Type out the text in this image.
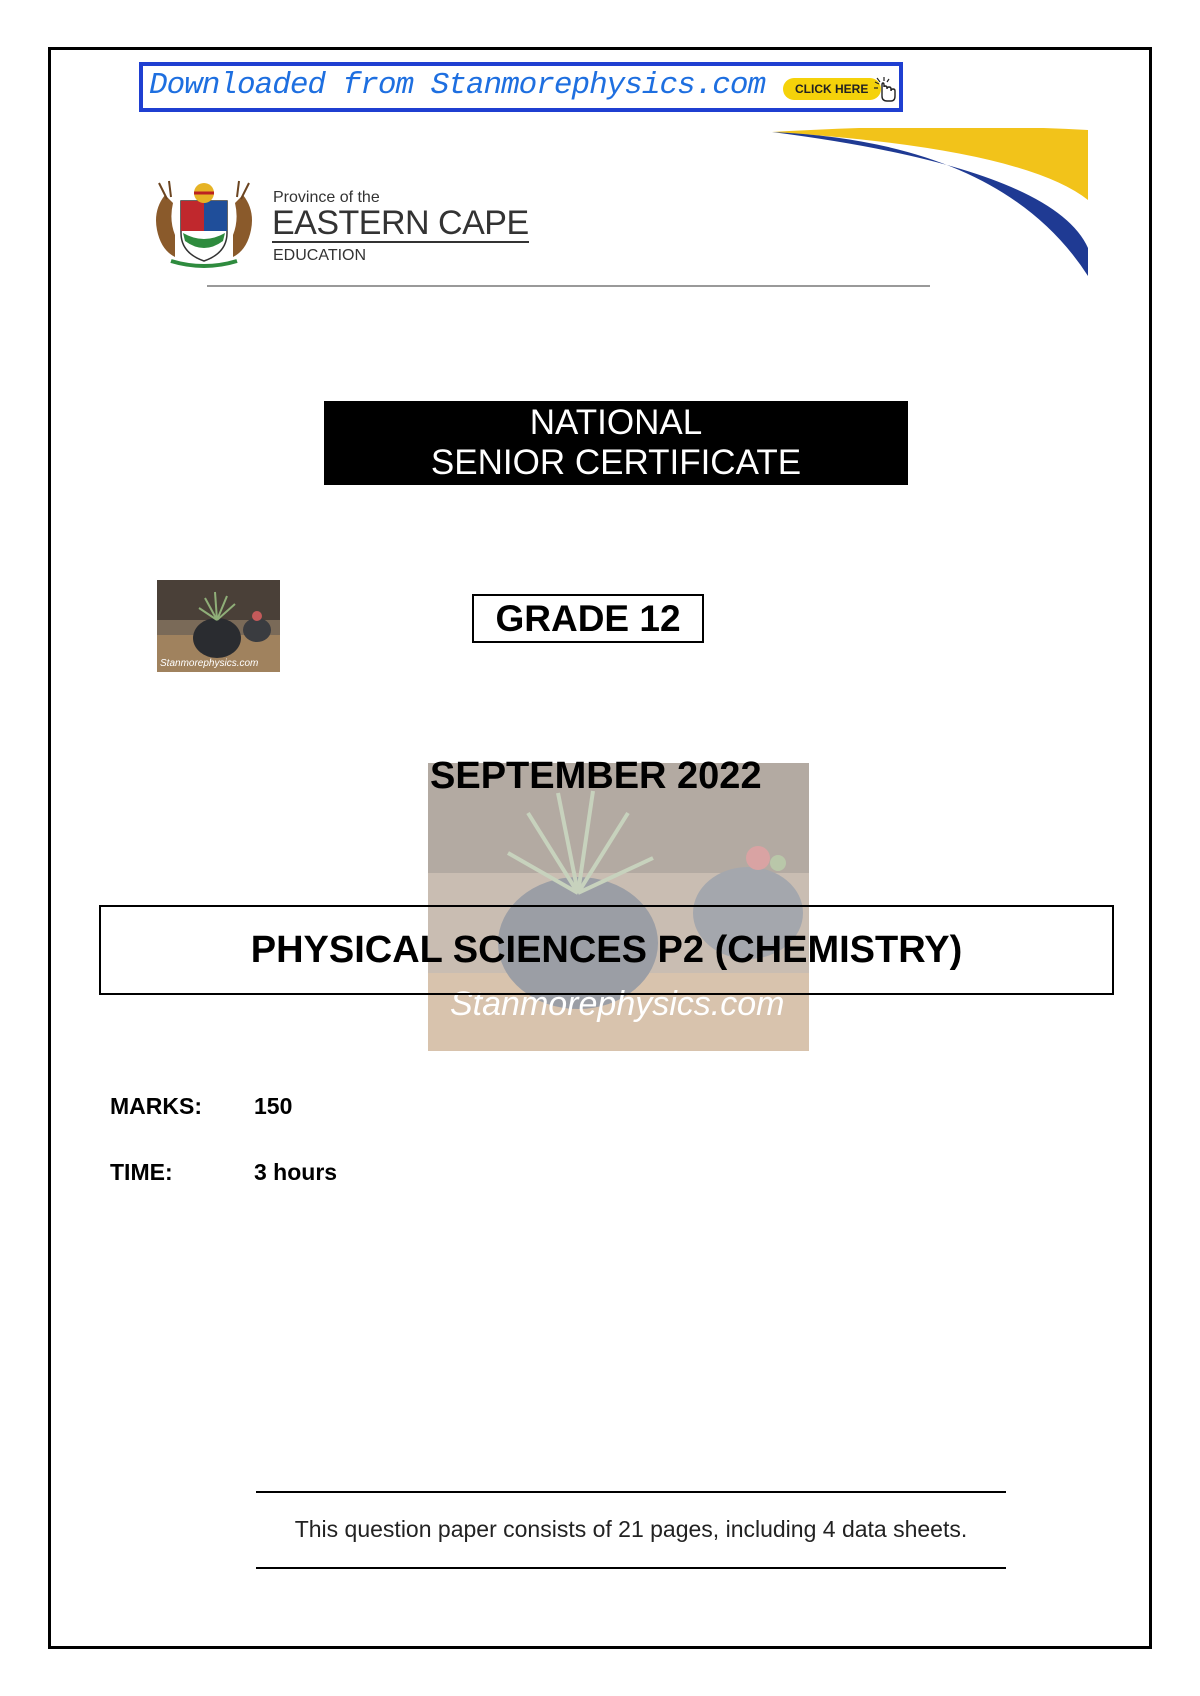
Downloaded from Stanmorephysics.com CLICK HERE
Province of the
EASTERN CAPE
EDUCATION
NATIONAL
SENIOR CERTIFICATE
Stanmorephysics.com
GRADE 12
Stanmorephysics.com
SEPTEMBER 2022
PHYSICAL SCIENCES P2 (CHEMISTRY)
MARKS: 150
TIME:	3 hours
This question paper consists of 21 pages, including 4 data sheets.
